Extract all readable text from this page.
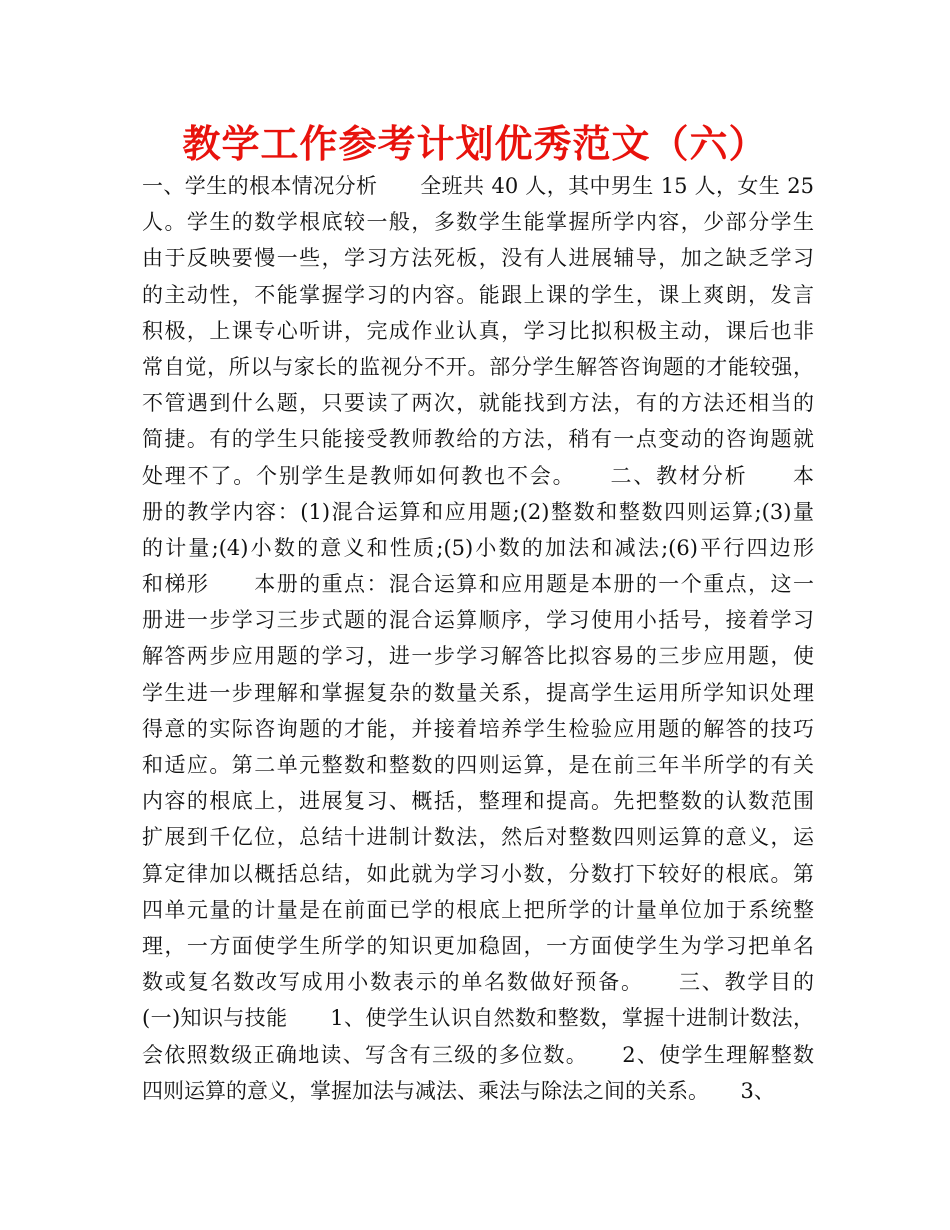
教学工作参考计划优秀范文（六）
一、学生的根本情况分析　　全班共 40 人，其中男生 15 人，女生 25
人。学生的数学根底较一般，多数学生能掌握所学内容，少部分学生
由于反映要慢一些，学习方法死板，没有人进展辅导，加之缺乏学习
的主动性，不能掌握学习的内容。能跟上课的学生，课上爽朗，发言
积极，上课专心听讲，完成作业认真，学习比拟积极主动，课后也非
常自觉，所以与家长的监视分不开。部分学生解答咨询题的才能较强，
不管遇到什么题，只要读了两次，就能找到方法，有的方法还相当的
简捷。有的学生只能接受教师教给的方法，稍有一点变动的咨询题就
处理不了。个别学生是教师如何教也不会。　　二、教材分析　　本
册的教学内容：(1)混合运算和应用题;(2)整数和整数四则运算;(3)量
的计量;(4)小数的意义和性质;(5)小数的加法和减法;(6)平行四边形
和梯形　　本册的重点：混合运算和应用题是本册的一个重点，这一
册进一步学习三步式题的混合运算顺序，学习使用小括号，接着学习
解答两步应用题的学习，进一步学习解答比拟容易的三步应用题，使
学生进一步理解和掌握复杂的数量关系，提高学生运用所学知识处理
得意的实际咨询题的才能，并接着培养学生检验应用题的解答的技巧
和适应。第二单元整数和整数的四则运算，是在前三年半所学的有关
内容的根底上，进展复习、概括，整理和提高。先把整数的认数范围
扩展到千亿位，总结十进制计数法，然后对整数四则运算的意义，运
算定律加以概括总结，如此就为学习小数，分数打下较好的根底。第
四单元量的计量是在前面已学的根底上把所学的计量单位加于系统整
理，一方面使学生所学的知识更加稳固，一方面使学生为学习把单名
数或复名数改写成用小数表示的单名数做好预备。　　三、教学目的
(一)知识与技能　　1、使学生认识自然数和整数，掌握十进制计数法，
会依照数级正确地读、写含有三级的多位数。　　2、使学生理解整数
四则运算的意义，掌握加法与减法、乘法与除法之间的关系。　　3、
